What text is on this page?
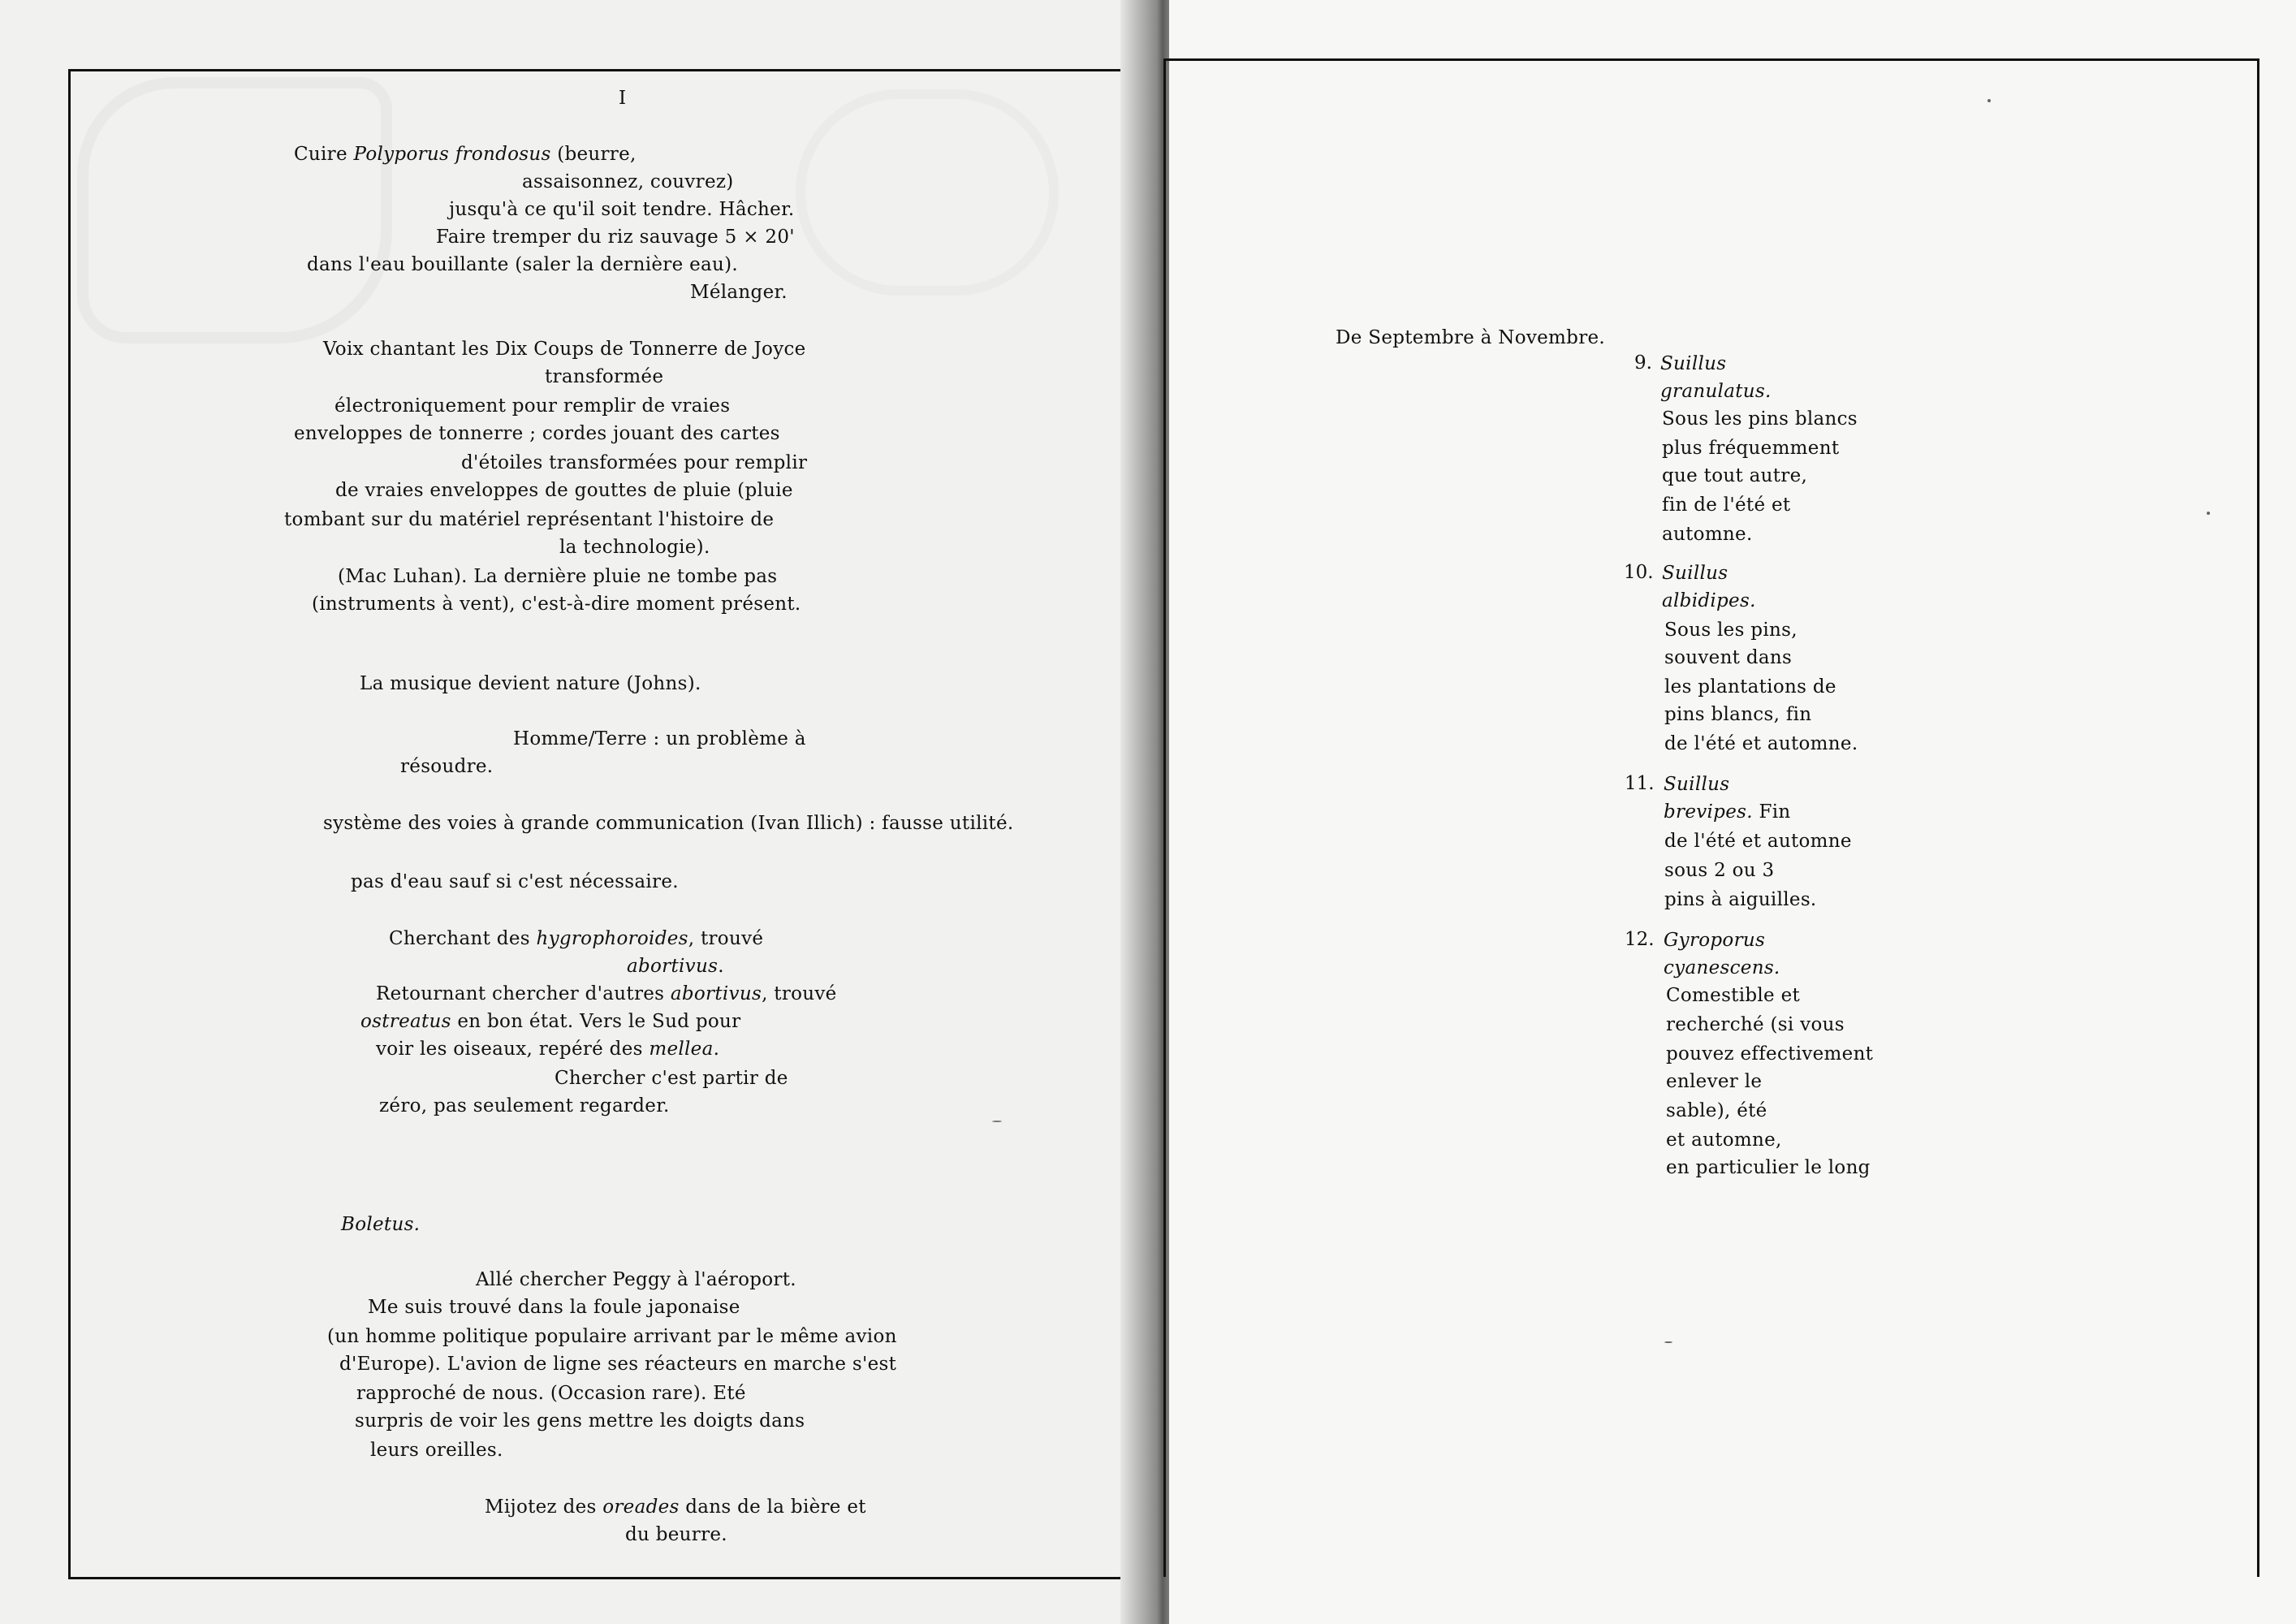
I
Cuire Polyporus frondosus (beurre,
assaisonnez, couvrez)
jusqu'à ce qu'il soit tendre. Hâcher.
Faire tremper du riz sauvage 5 × 20'
dans l'eau bouillante (saler la dernière eau).
Mélanger.
Voix chantant les Dix Coups de Tonnerre de Joyce
transformée
électroniquement pour remplir de vraies
enveloppes de tonnerre ; cordes jouant des cartes
d'étoiles transformées pour remplir
de vraies enveloppes de gouttes de pluie (pluie
tombant sur du matériel représentant l'histoire de
la technologie).
(Mac Luhan). La dernière pluie ne tombe pas
(instruments à vent), c'est-à-dire moment présent.
La musique devient nature (Johns).
Homme/Terre : un problème à
résoudre.
système des voies à grande communication (Ivan Illich) : fausse utilité.
pas d'eau sauf si c'est nécessaire.
Cherchant des hygrophoroides, trouvé
abortivus.
Retournant chercher d'autres abortivus, trouvé
ostreatus en bon état. Vers le Sud pour
voir les oiseaux, repéré des mellea.
Chercher c'est partir de
zéro, pas seulement regarder.
Boletus.
Allé chercher Peggy à l'aéroport.
Me suis trouvé dans la foule japonaise
(un homme politique populaire arrivant par le même avion
d'Europe). L'avion de ligne ses réacteurs en marche s'est
rapproché de nous. (Occasion rare). Eté
surpris de voir les gens mettre les doigts dans
leurs oreilles.
Mijotez des oreades dans de la bière et
du beurre.
De Septembre à Novembre.
9. Suillus
granulatus.
Sous les pins blancs
plus fréquemment
que tout autre,
fin de l'été et
automne.
10. Suillus
albidipes.
Sous les pins,
souvent dans
les plantations de
pins blancs, fin
de l'été et automne.
11. Suillus
brevipes. Fin
de l'été et automne
sous 2 ou 3
pins à aiguilles.
12. Gyroporus
cyanescens.
Comestible et
recherché (si vous
pouvez effectivement
enlever le
sable), été
et automne,
en particulier le long
